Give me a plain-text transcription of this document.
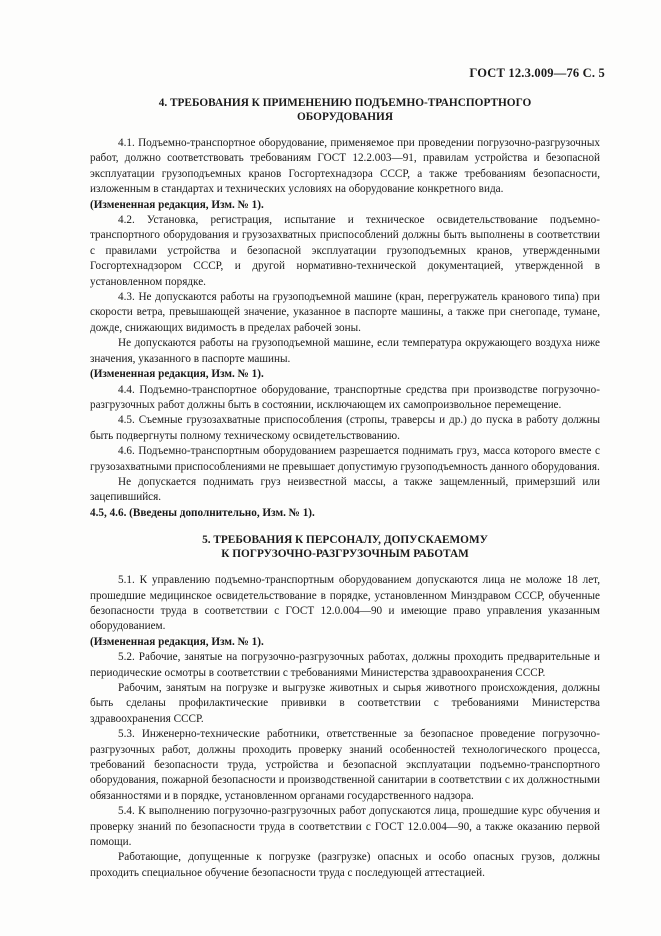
ГОСТ 12.3.009—76 С. 5
4. ТРЕБОВАНИЯ К ПРИМЕНЕНИЮ ПОДЪЕМНО-ТРАНСПОРТНОГО
ОБОРУДОВАНИЯ

4.1. Подъемно-транспортное оборудование, применяемое при проведении погрузочно-разгрузочных работ, должно соответствовать требованиям ГОСТ 12.2.003—91, правилам устройства и безопасной эксплуатации грузоподъемных кранов Госгортехнадзора СССР, а также требованиям безопасности, изложенным в стандартах и технических условиях на оборудование конкретного вида.

(Измененная редакция, Изм. № 1).

4.2. Установка, регистрация, испытание и техническое освидетельствование подъемно-транспортного оборудования и грузозахватных приспособлений должны быть выполнены в соответствии с правилами устройства и безопасной эксплуатации грузоподъемных кранов, утвержденными Госгортехнадзором СССР, и другой нормативно-технической документацией, утвержденной в установленном порядке.

4.3. Не допускаются работы на грузоподъемной машине (кран, перегружатель кранового типа) при скорости ветра, превышающей значение, указанное в паспорте машины, а также при снегопаде, тумане, дожде, снижающих видимость в пределах рабочей зоны.

Не допускаются работы на грузоподъемной машине, если температура окружающего воздуха ниже значения, указанного в паспорте машины.

(Измененная редакция, Изм. № 1).

4.4. Подъемно-транспортное оборудование, транспортные средства при производстве погрузочно-разгрузочных работ должны быть в состоянии, исключающем их самопроизвольное перемещение.

4.5. Съемные грузозахватные приспособления (стропы, траверсы и др.) до пуска в работу должны быть подвергнуты полному техническому освидетельствованию.

4.6. Подъемно-транспортным оборудованием разрешается поднимать груз, масса которого вместе с грузозахватными приспособлениями не превышает допустимую грузоподъемность данного оборудования.

Не допускается поднимать груз неизвестной массы, а также защемленный, примерзший или зацепившийся.

4.5, 4.6. (Введены дополнительно, Изм. № 1).

5. ТРЕБОВАНИЯ К ПЕРСОНАЛУ, ДОПУСКАЕМОМУ
К ПОГРУЗОЧНО-РАЗГРУЗОЧНЫМ РАБОТАМ

5.1. К управлению подъемно-транспортным оборудованием допускаются лица не моложе 18 лет, прошедшие медицинское освидетельствование в порядке, установленном Минздравом СССР, обученные безопасности труда в соответствии с ГОСТ 12.0.004—90 и имеющие право управления указанным оборудованием.

(Измененная редакция, Изм. № 1).

5.2. Рабочие, занятые на погрузочно-разгрузочных работах, должны проходить предварительные и периодические осмотры в соответствии с требованиями Министерства здравоохранения СССР.

Рабочим, занятым на погрузке и выгрузке животных и сырья животного происхождения, должны быть сделаны профилактические прививки в соответствии с требованиями Министерства здравоохранения СССР.

5.3. Инженерно-технические работники, ответственные за безопасное проведение погрузочно-разгрузочных работ, должны проходить проверку знаний особенностей технологического процесса, требований безопасности труда, устройства и безопасной эксплуатации подъемно-транспортного оборудования, пожарной безопасности и производственной санитарии в соответствии с их должностными обязанностями и в порядке, установленном органами государственного надзора.

5.4. К выполнению погрузочно-разгрузочных работ допускаются лица, прошедшие курс обучения и проверку знаний по безопасности труда в соответствии с ГОСТ 12.0.004—90, а также оказанию первой помощи.

Работающие, допущенные к погрузке (разгрузке) опасных и особо опасных грузов, должны проходить специальное обучение безопасности труда с последующей аттестацией.
